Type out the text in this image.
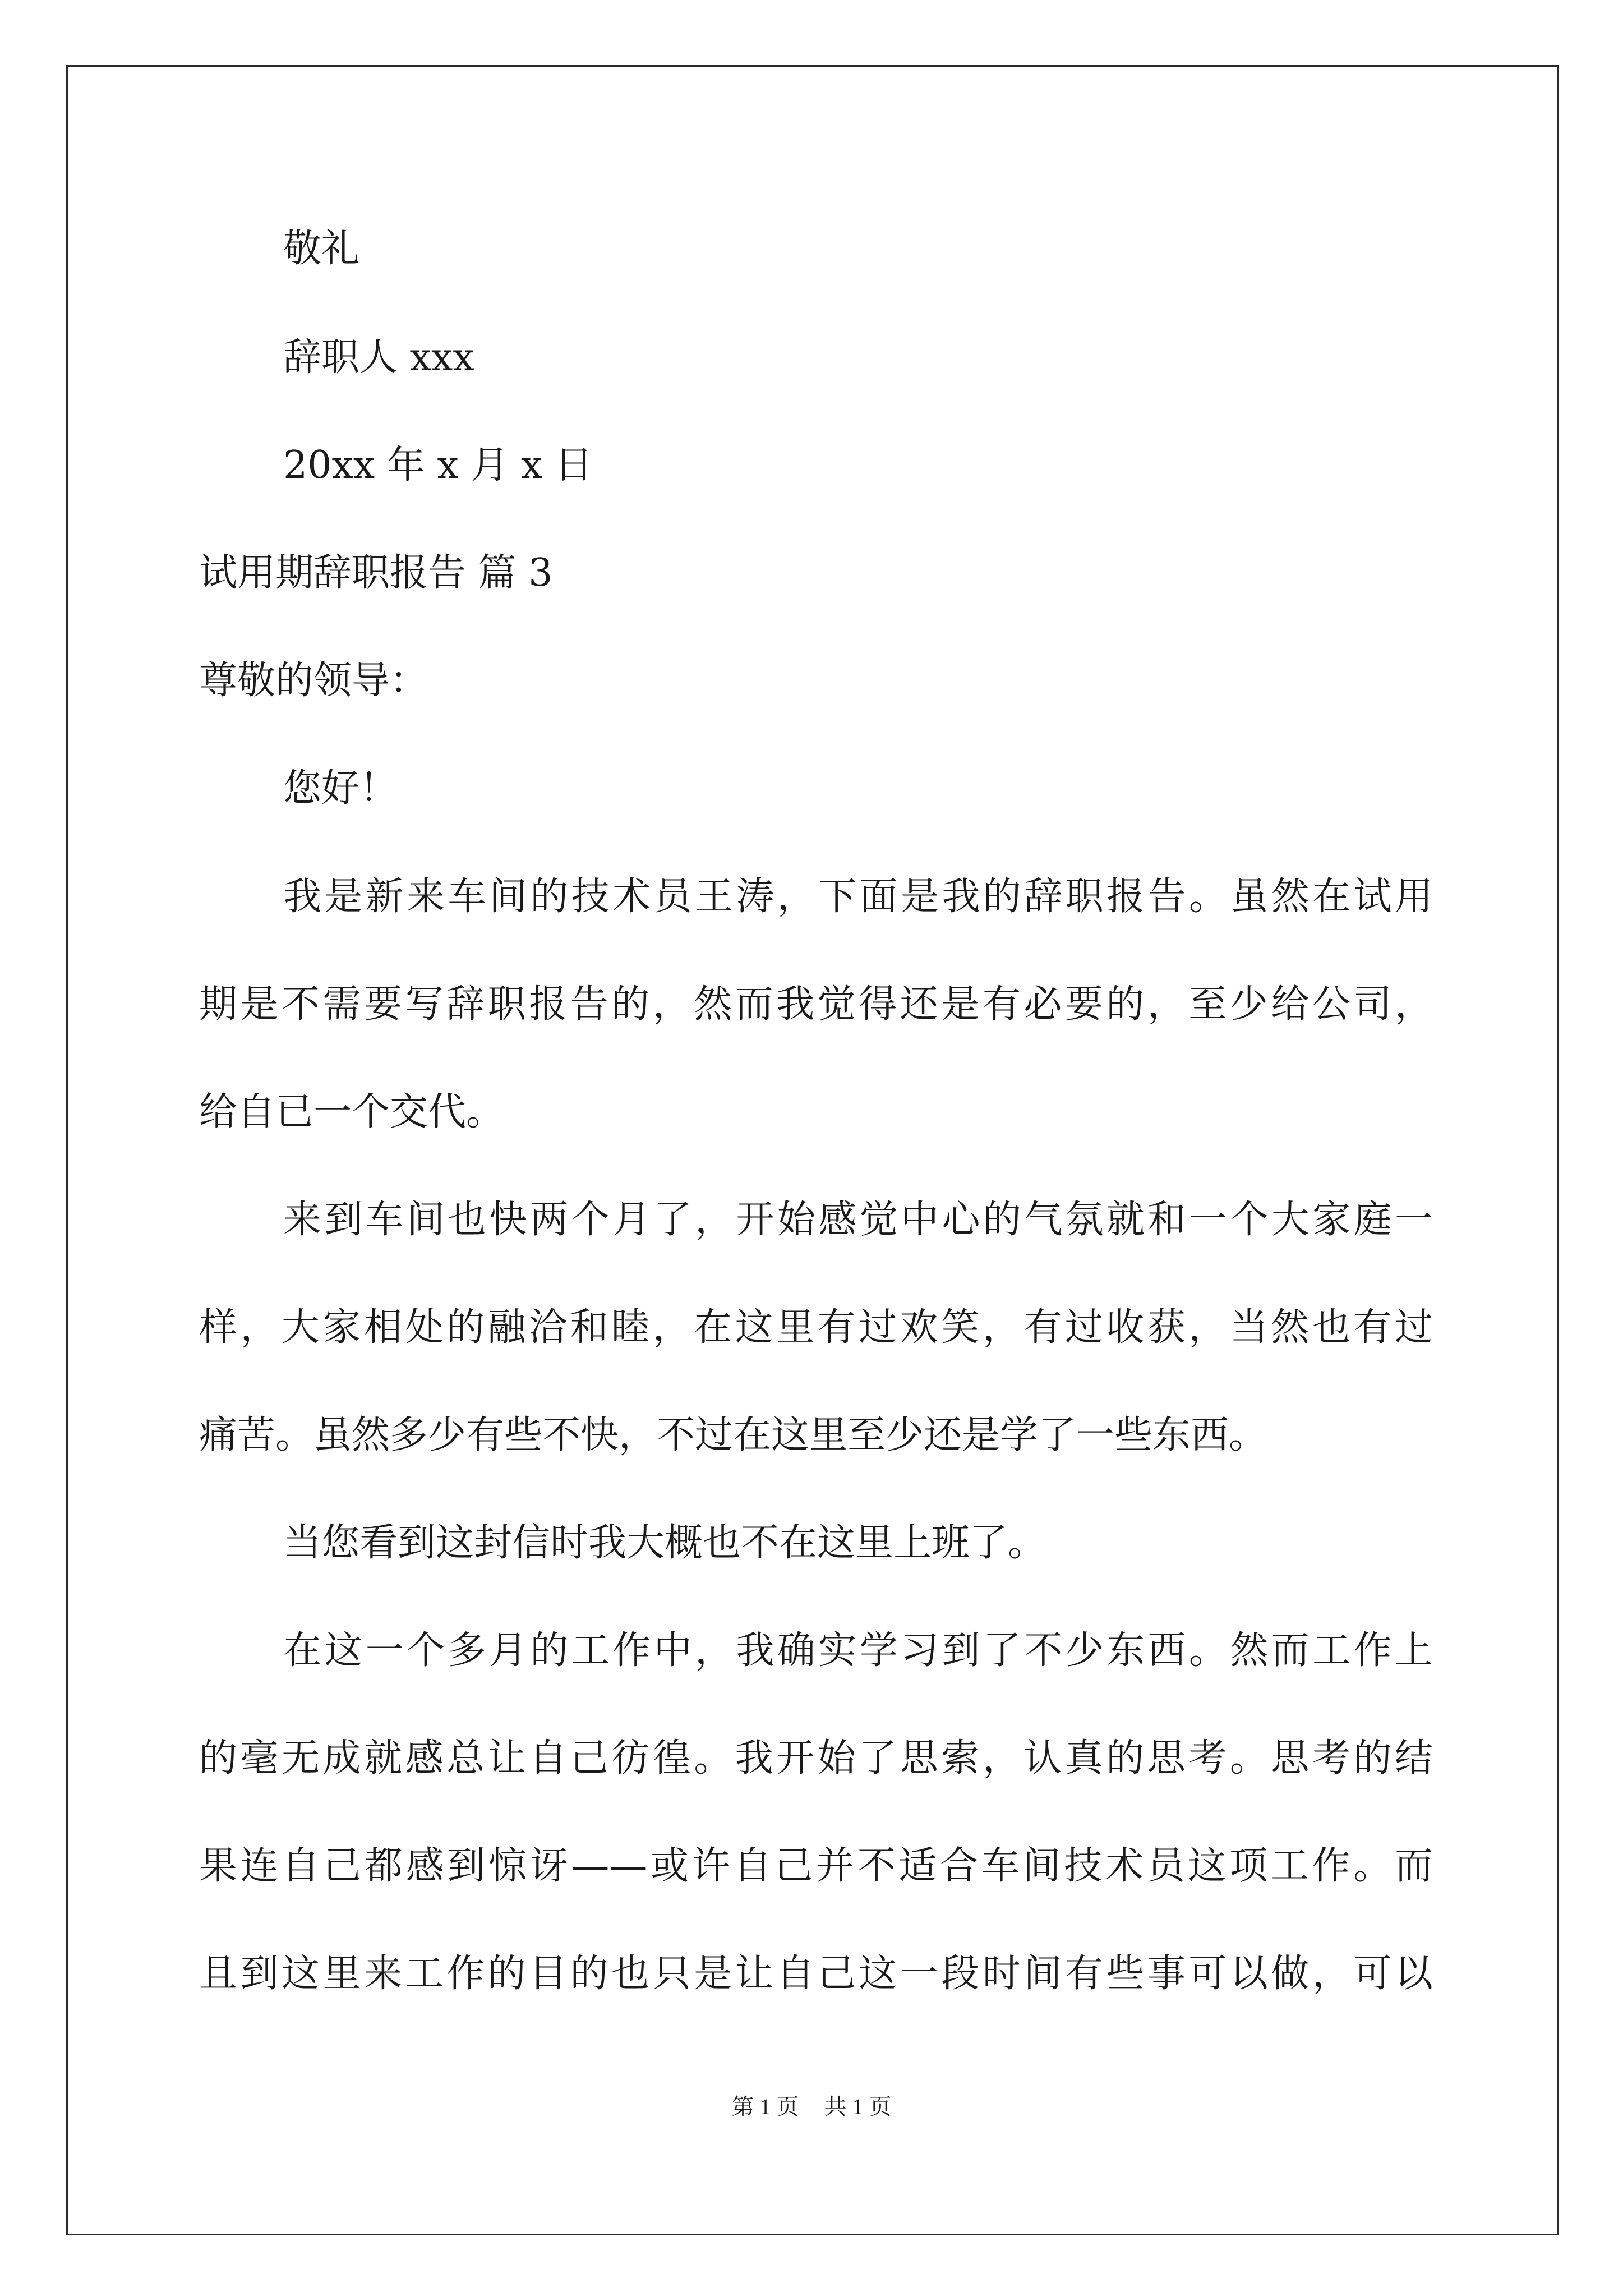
敬礼
辞职人 xxx
20xx 年 x 月 x 日
试用期辞职报告 篇 3
尊敬的领导：
您好！
我是新来车间的技术员王涛，下面是我的辞职报告。虽然在试用
期是不需要写辞职报告的，然而我觉得还是有必要的，至少给公司，
给自已一个交代。
来到车间也快两个月了，开始感觉中心的气氛就和一个大家庭一
样，大家相处的融洽和睦，在这里有过欢笑，有过收获，当然也有过
痛苦。虽然多少有些不快，不过在这里至少还是学了一些东西。
当您看到这封信时我大概也不在这里上班了。
在这一个多月的工作中，我确实学习到了不少东西。然而工作上
的毫无成就感总让自己彷徨。我开始了思索，认真的思考。思考的结
果连自己都感到惊讶——或许自己并不适合车间技术员这项工作。而
且到这里来工作的目的也只是让自己这一段时间有些事可以做，可以
第 1 页 共 1 页
